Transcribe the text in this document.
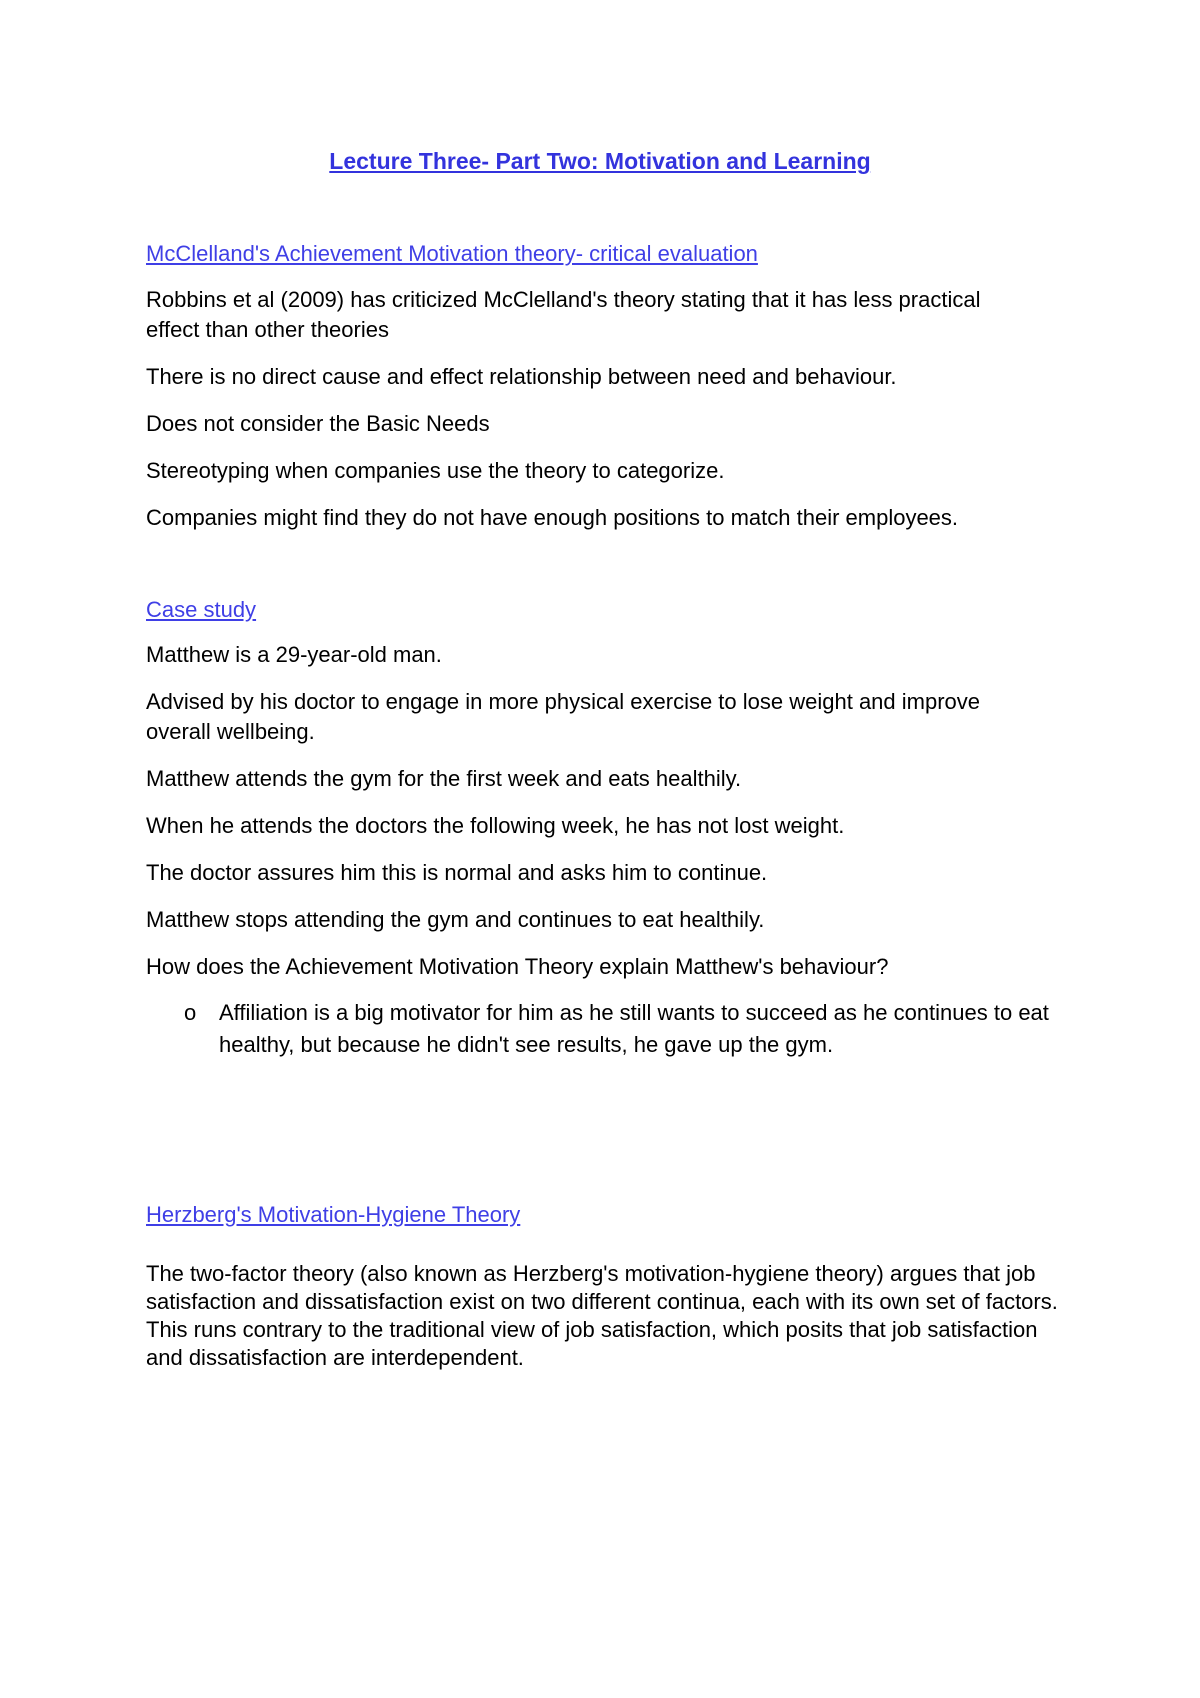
Lecture Three- Part Two: Motivation and Learning
McClelland's Achievement Motivation theory- critical evaluation
Robbins et al (2009) has criticized McClelland's theory stating that it has less practical effect than other theories
There is no direct cause and effect relationship between need and behaviour.
Does not consider the Basic Needs
Stereotyping when companies use the theory to categorize.
Companies might find they do not have enough positions to match their employees.
Case study
Matthew is a 29-year-old man.
Advised by his doctor to engage in more physical exercise to lose weight and improve overall wellbeing.
Matthew attends the gym for the first week and eats healthily.
When he attends the doctors the following week, he has not lost weight.
The doctor assures him this is normal and asks him to continue.
Matthew stops attending the gym and continues to eat healthily.
How does the Achievement Motivation Theory explain Matthew's behaviour?
o Affiliation is a big motivator for him as he still wants to succeed as he continues to eat healthy, but because he didn't see results, he gave up the gym.
Herzberg's Motivation-Hygiene Theory
The two-factor theory (also known as Herzberg's motivation-hygiene theory) argues that job satisfaction and dissatisfaction exist on two different continua, each with its own set of factors. This runs contrary to the traditional view of job satisfaction, which posits that job satisfaction and dissatisfaction are interdependent.
